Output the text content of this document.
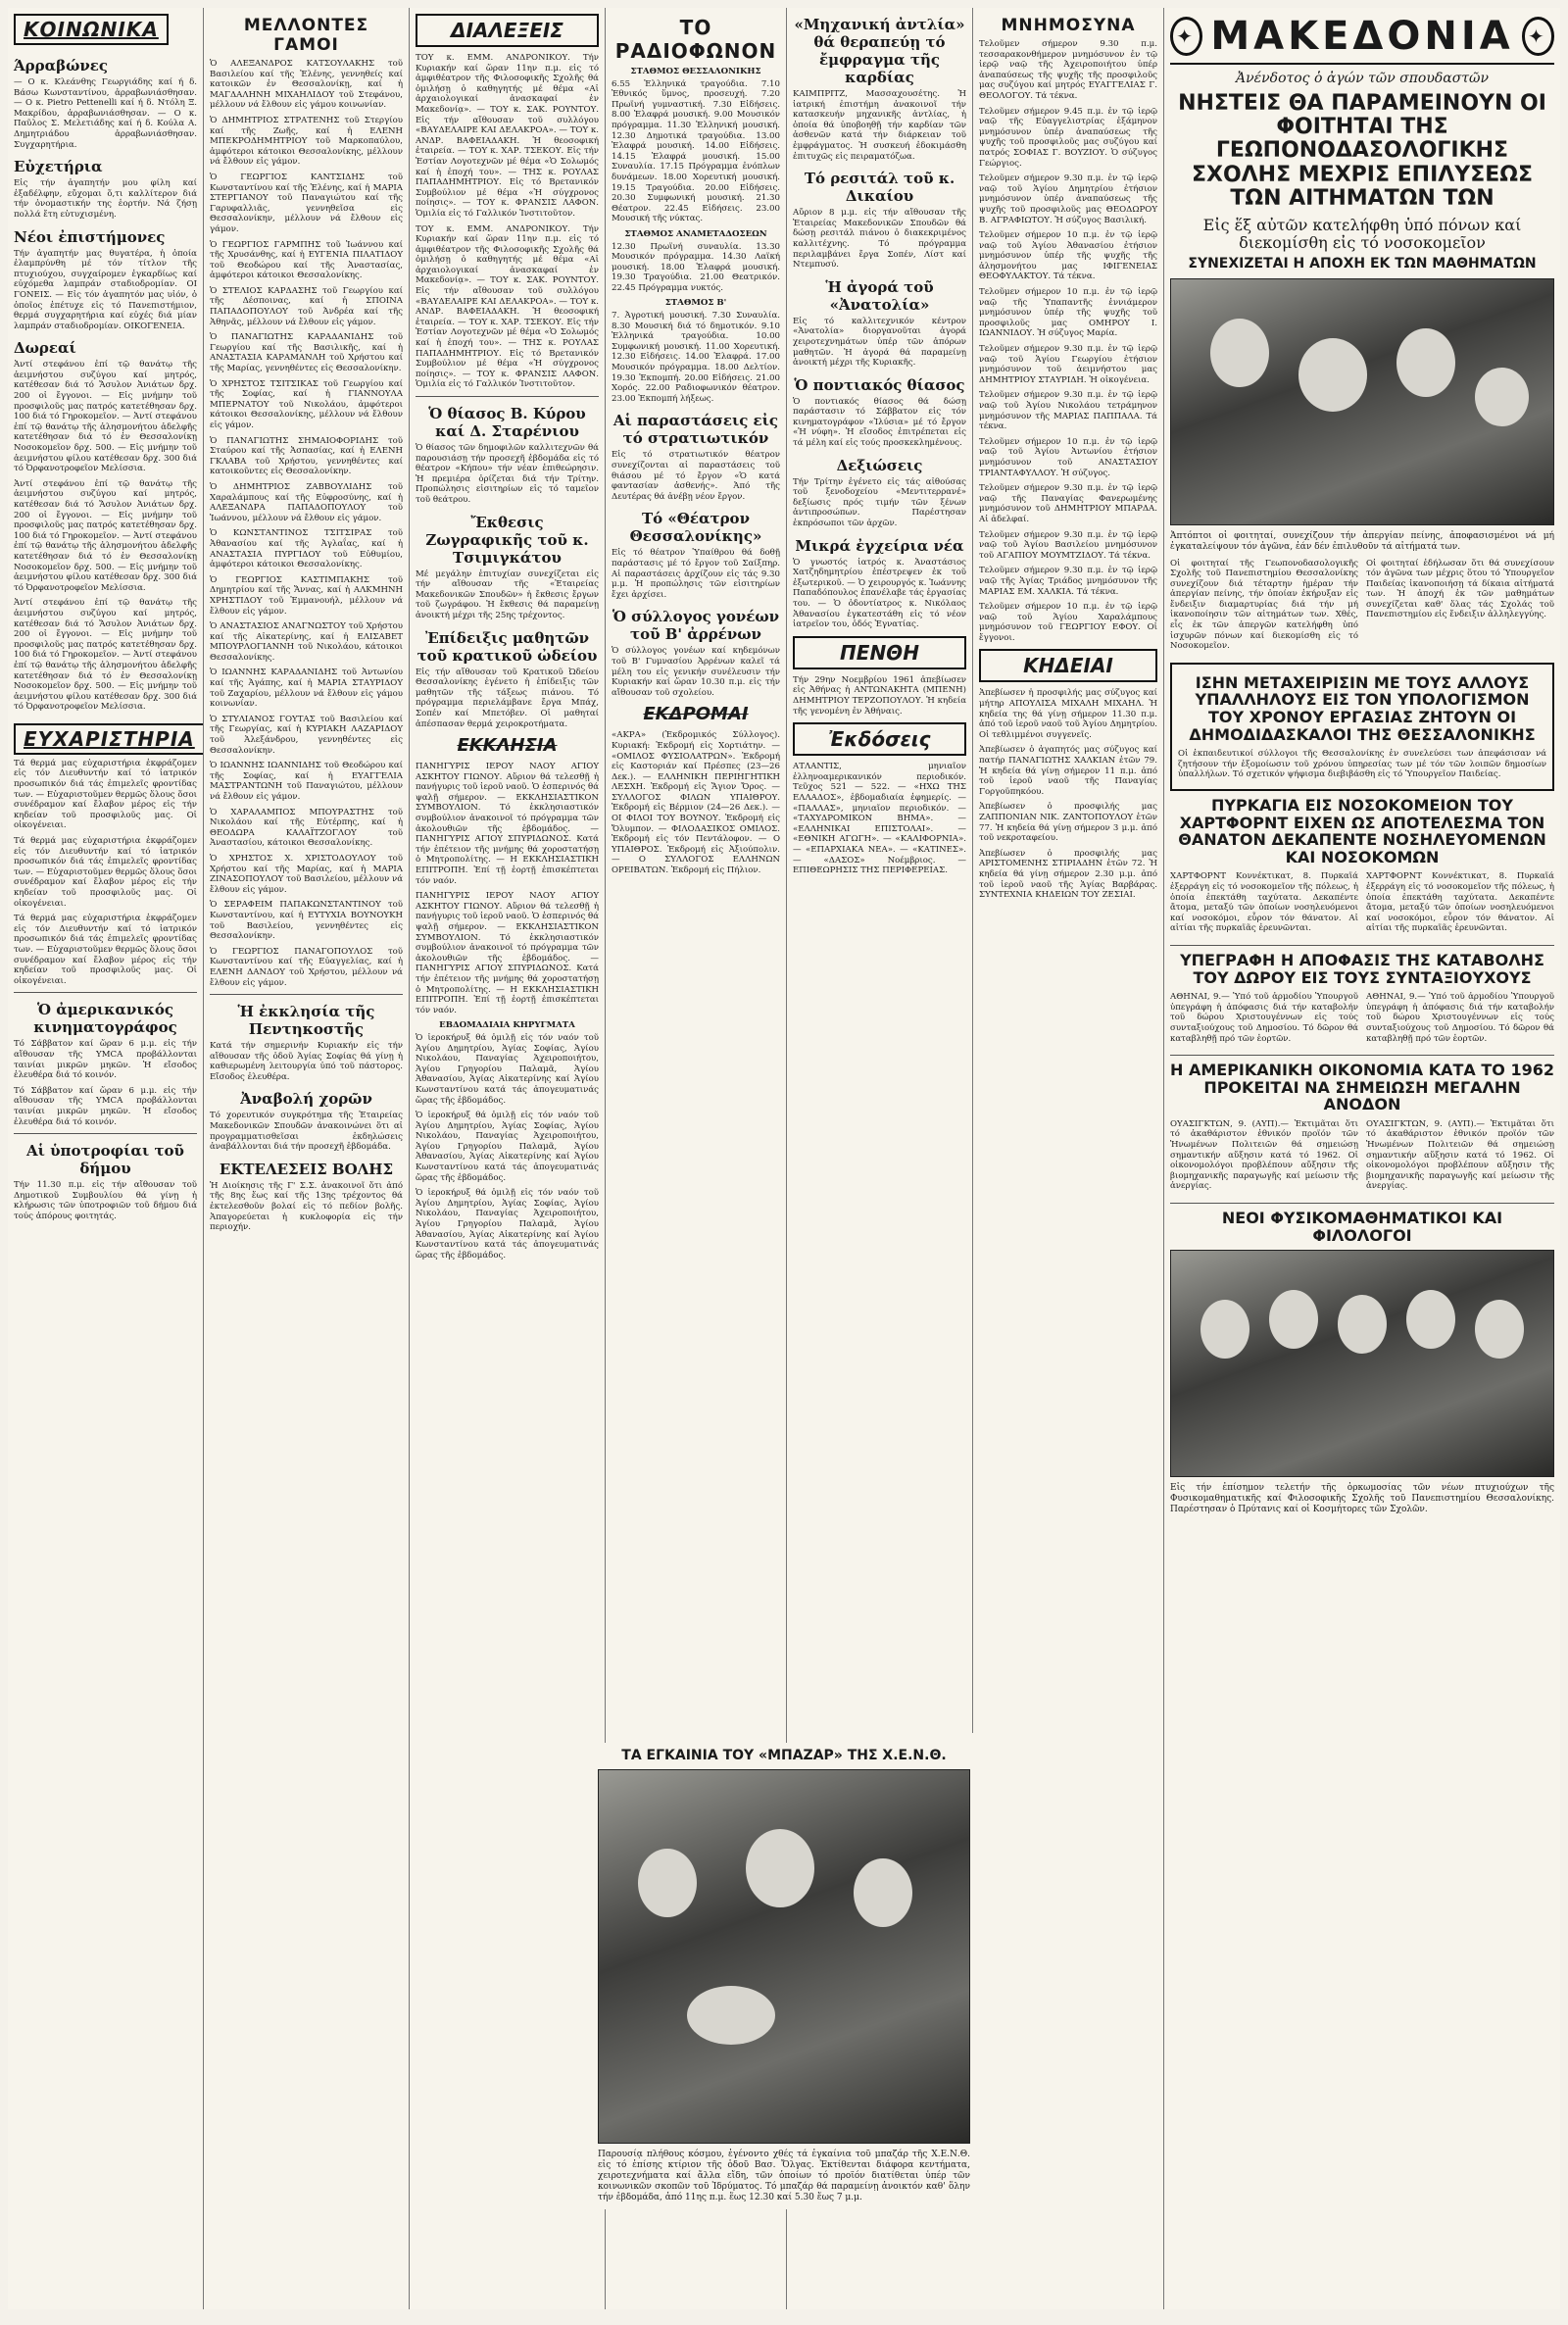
ΚΟΙΝΩΝΙΚΑ
Άρραβώνες

— Ο κ. Κλεάνθης Γεωργιάδης καί ή δ. Βάσω Κωνσταντίνου, ἀρραβωνιάσθησαν. — Ο κ. Pietro Pettenelli καί ή δ. Ντόλη Ξ. Μακρίδου, ἀρραβωνιάσθησαν. — Ο κ. Παῦλος Σ. Μελετιάδης καί ή δ. Κούλα Α. Δημητριάδου ἀρραβωνιάσθησαν. Συγχαρητήρια.

Εὐχετήρια

Εἰς τήν ἀγαπητήν μου φίλη καί ἐξαδέλφην, εὔχομαι ὅ,τι καλλίτερον διά τήν ὀνομαστικήν της ἑορτήν. Νά ζήσῃ πολλά ἔτη εὐτυχισμένη.

Νέοι ἐπιστήμονες

Τήν ἀγαπητήν μας θυγατέρα, ἡ ὁποία ἐλαμπρύνθη μέ τόν τίτλον τῆς πτυχιούχου, συγχαίρομεν ἐγκαρδίως καί εὐχόμεθα λαμπράν σταδιοδρομίαν. ΟΙ ΓΟΝΕΙΣ. — Εἰς τόν ἀγαπητόν μας υἱόν, ὁ ὁποῖος ἐπέτυχε εἰς τό Πανεπιστήμιον, θερμά συγχαρητήρια καί εὐχές διά μίαν λαμπράν σταδιοδρομίαν. ΟΙΚΟΓΕΝΕΙΑ.

Δωρεαί

Ἀντί στεφάνου ἐπί τῷ θανάτῳ τῆς ἀειμνήστου συζύγου καί μητρός, κατέθεσαν διά τό Ἄσυλον Ἀνιάτων δρχ. 200 οἱ ἔγγονοι. — Εἰς μνήμην τοῦ προσφιλοῦς μας πατρός κατετέθησαν δρχ. 100 διά τό Γηροκομεῖον. — Ἀντί στεφάνου ἐπί τῷ θανάτῳ τῆς ἀλησμονήτου ἀδελφῆς κατετέθησαν διά τό ἐν Θεσσαλονίκῃ Νοσοκομεῖον δρχ. 500. — Εἰς μνήμην τοῦ ἀειμνήστου φίλου κατέθεσαν δρχ. 300 διά τό Ὀρφανοτροφεῖον Μελίσσια.

Ἀντί στεφάνου ἐπί τῷ θανάτῳ τῆς ἀειμνήστου συζύγου καί μητρός, κατέθεσαν διά τό Ἄσυλον Ἀνιάτων δρχ. 200 οἱ ἔγγονοι. — Εἰς μνήμην τοῦ προσφιλοῦς μας πατρός κατετέθησαν δρχ. 100 διά τό Γηροκομεῖον. — Ἀντί στεφάνου ἐπί τῷ θανάτῳ τῆς ἀλησμονήτου ἀδελφῆς κατετέθησαν διά τό ἐν Θεσσαλονίκῃ Νοσοκομεῖον δρχ. 500. — Εἰς μνήμην τοῦ ἀειμνήστου φίλου κατέθεσαν δρχ. 300 διά τό Ὀρφανοτροφεῖον Μελίσσια.

Ἀντί στεφάνου ἐπί τῷ θανάτῳ τῆς ἀειμνήστου συζύγου καί μητρός, κατέθεσαν διά τό Ἄσυλον Ἀνιάτων δρχ. 200 οἱ ἔγγονοι. — Εἰς μνήμην τοῦ προσφιλοῦς μας πατρός κατετέθησαν δρχ. 100 διά τό Γηροκομεῖον. — Ἀντί στεφάνου ἐπί τῷ θανάτῳ τῆς ἀλησμονήτου ἀδελφῆς κατετέθησαν διά τό ἐν Θεσσαλονίκῃ Νοσοκομεῖον δρχ. 500. — Εἰς μνήμην τοῦ ἀειμνήστου φίλου κατέθεσαν δρχ. 300 διά τό Ὀρφανοτροφεῖον Μελίσσια.

ΕΥΧΑΡΙΣΤΗΡΙΑ

Τά θερμά μας εὐχαριστήρια ἐκφράζομεν εἰς τόν Διευθυντήν καί τό ἰατρικόν προσωπικόν διά τάς ἐπιμελεῖς φροντίδας των. — Εὐχαριστοῦμεν θερμῶς ὅλους ὅσοι συνέδραμον καί ἔλαβον μέρος εἰς τήν κηδείαν τοῦ προσφιλοῦς μας. Οἱ οἰκογένειαι.

Τά θερμά μας εὐχαριστήρια ἐκφράζομεν εἰς τόν Διευθυντήν καί τό ἰατρικόν προσωπικόν διά τάς ἐπιμελεῖς φροντίδας των. — Εὐχαριστοῦμεν θερμῶς ὅλους ὅσοι συνέδραμον καί ἔλαβον μέρος εἰς τήν κηδείαν τοῦ προσφιλοῦς μας. Οἱ οἰκογένειαι.

Τά θερμά μας εὐχαριστήρια ἐκφράζομεν εἰς τόν Διευθυντήν καί τό ἰατρικόν προσωπικόν διά τάς ἐπιμελεῖς φροντίδας των. — Εὐχαριστοῦμεν θερμῶς ὅλους ὅσοι συνέδραμον καί ἔλαβον μέρος εἰς τήν κηδείαν τοῦ προσφιλοῦς μας. Οἱ οἰκογένειαι.

Ὁ ἀμερικανικός κινηματογράφος

Τό Σάββατον καί ὥραν 6 μ.μ. εἰς τήν αἴθουσαν τῆς ΥΜCΑ προβάλλονται ταινίαι μικρῶν μηκῶν. Ἡ εἴσοδος ἐλευθέρα διά τό κοινόν.

Τό Σάββατον καί ὥραν 6 μ.μ. εἰς τήν αἴθουσαν τῆς ΥΜCΑ προβάλλονται ταινίαι μικρῶν μηκῶν. Ἡ εἴσοδος ἐλευθέρα διά τό κοινόν.

Αἱ ὑποτροφίαι τοῦ δήμου

Τήν 11.30 π.μ. εἰς τήν αἴθουσαν τοῦ Δημοτικοῦ Συμβουλίου θά γίνῃ ἡ κλήρωσις τῶν ὑποτροφιῶν τοῦ δήμου διά τούς ἀπόρους φοιτητάς.

ΜΕΛΛΟΝΤΕΣ ΓΑΜΟΙ

Ὁ ΑΛΕΞΑΝΔΡΟΣ ΚΑΤΣΟΥΛΑΚΗΣ τοῦ Βασιλείου καί τῆς Ἐλένης, γεννηθείς καί κατοικῶν ἐν Θεσσαλονίκῃ, καί ἡ ΜΑΓΔΑΛΗΝΗ ΜΙΧΑΗΛΙΔΟΥ τοῦ Στεφάνου, μέλλουν νά ἔλθουν εἰς γάμου κοινωνίαν.

Ὁ ΔΗΜΗΤΡΙΟΣ ΣΤΡΑΤΕΝΗΣ τοῦ Στεργίου καί τῆς Ζωῆς, καί ἡ ΕΛΕΝΗ ΜΠΕΚΡΟΔΗΜΗΤΡΙΟΥ τοῦ Μαρκοπαύλου, ἀμφότεροι κάτοικοι Θεσσαλονίκης, μέλλουν νά ἔλθουν εἰς γάμον.

Ὁ ΓΕΩΡΓΙΟΣ ΚΑΝΤΣΙΔΗΣ τοῦ Κωνσταντίνου καί τῆς Ἑλένης, καί ἡ ΜΑΡΙΑ ΣΤΕΡΓΙΑΝΟΥ τοῦ Παναγιώτου καί τῆς Γαρυφαλλιᾶς, γεννηθεῖσα εἰς Θεσσαλονίκην, μέλλουν νά ἔλθουν εἰς γάμον.

Ὁ ΓΕΩΡΓΙΟΣ ΓΑΡΜΠΗΣ τοῦ Ἰωάννου καί τῆς Χρυσάνθης, καί ἡ ΕΥΓΕΝΙΑ ΠΙΛΑΤΙΔΟΥ τοῦ Θεοδώρου καί τῆς Ἀναστασίας, ἀμφότεροι κάτοικοι Θεσσαλονίκης.

Ὁ ΣΤΕΛΙΟΣ ΚΑΡΔΑΣΗΣ τοῦ Γεωργίου καί τῆς Δέσποινας, καί ἡ ΣΠΟΙΝΑ ΠΑΠΑΔΟΠΟΥΛΟΥ τοῦ Ἀνδρέα καί τῆς Ἀθηνᾶς, μέλλουν νά ἔλθουν εἰς γάμον.

Ὁ ΠΑΝΑΓΙΩΤΗΣ ΚΑΡΑΔΑΝΙΔΗΣ τοῦ Γεωργίου καί τῆς Βασιλικῆς, καί ἡ ΑΝΑΣΤΑΣΙΑ ΚΑΡΑΜΑΝΛΗ τοῦ Χρήστου καί τῆς Μαρίας, γεννηθέντες εἰς Θεσσαλονίκην.

Ὁ ΧΡΗΣΤΟΣ ΤΣΙΤΣΙΚΑΣ τοῦ Γεωργίου καί τῆς Σοφίας, καί ἡ ΓΙΑΝΝΟΥΛΑ ΜΠΕΡΝΑΤΟΥ τοῦ Νικολάου, ἀμφότεροι κάτοικοι Θεσσαλονίκης, μέλλουν νά ἔλθουν εἰς γάμον.

Ὁ ΠΑΝΑΓΙΩΤΗΣ ΣΗΜΑΙΟΦΟΡΙΔΗΣ τοῦ Σταύρου καί τῆς Ἀσπασίας, καί ἡ ΕΛΕΝΗ ΓΚΛΑΒΑ τοῦ Χρήστου, γεννηθέντες καί κατοικοῦντες εἰς Θεσσαλονίκην.

Ὁ ΔΗΜΗΤΡΙΟΣ ΖΑΒΒΟΥΛΙΔΗΣ τοῦ Χαραλάμπους καί τῆς Εὐφροσύνης, καί ἡ ΑΛΕΞΑΝΔΡΑ ΠΑΠΑΔΟΠΟΥΛΟΥ τοῦ Ἰωάννου, μέλλουν νά ἔλθουν εἰς γάμον.

Ὁ ΚΩΝΣΤΑΝΤΙΝΟΣ ΤΣΙΤΣΙΡΑΣ τοῦ Ἀθανασίου καί τῆς Ἀγλαΐας, καί ἡ ΑΝΑΣΤΑΣΙΑ ΠΥΡΓΙΔΟΥ τοῦ Εὐθυμίου, ἀμφότεροι κάτοικοι Θεσσαλονίκης.

Ὁ ΓΕΩΡΓΙΟΣ ΚΑΣΤΙΜΠΑΚΗΣ τοῦ Δημητρίου καί τῆς Ἄννας, καί ἡ ΑΛΚΜΗΝΗ ΧΡΗΣΤΙΔΟΥ τοῦ Ἐμμανουήλ, μέλλουν νά ἔλθουν εἰς γάμον.

Ὁ ΑΝΑΣΤΑΣΙΟΣ ΑΝΑΓΝΩΣΤΟΥ τοῦ Χρήστου καί τῆς Αἰκατερίνης, καί ἡ ΕΛΙΣΑΒΕΤ ΜΠΟΥΡΛΟΓΙΑΝΝΗ τοῦ Νικολάου, κάτοικοι Θεσσαλονίκης.

Ὁ ΙΩΑΝΝΗΣ ΚΑΡΑΔΑΝΙΔΗΣ τοῦ Ἀντωνίου καί τῆς Ἀγάπης, καί ἡ ΜΑΡΙΑ ΣΤΑΥΡΙΔΟΥ τοῦ Ζαχαρίου, μέλλουν νά ἔλθουν εἰς γάμου κοινωνίαν.

Ὁ ΣΤΥΛΙΑΝΟΣ ΓΟΥΤΑΣ τοῦ Βασιλείου καί τῆς Γεωργίας, καί ἡ ΚΥΡΙΑΚΗ ΛΑΖΑΡΙΔΟΥ τοῦ Ἀλεξάνδρου, γεννηθέντες εἰς Θεσσαλονίκην.

Ὁ ΙΩΑΝΝΗΣ ΙΩΑΝΝΙΔΗΣ τοῦ Θεοδώρου καί τῆς Σοφίας, καί ἡ ΕΥΑΓΓΕΛΙΑ ΜΑΣΤΡΑΝΤΩΝΗ τοῦ Παναγιώτου, μέλλουν νά ἔλθουν εἰς γάμον.

Ὁ ΧΑΡΑΛΑΜΠΟΣ ΜΠΟΥΡΑΣΤΗΣ τοῦ Νικολάου καί τῆς Εὐτέρπης, καί ἡ ΘΕΟΔΩΡΑ ΚΑΛΑΪΤΖΟΓΛΟΥ τοῦ Ἀναστασίου, κάτοικοι Θεσσαλονίκης.

Ὁ ΧΡΗΣΤΟΣ Χ. ΧΡΙΣΤΟΔΟΥΛΟΥ τοῦ Χρήστου καί τῆς Μαρίας, καί ἡ ΜΑΡΙΑ ΖΙΝΑΣΟΠΟΥΛΟΥ τοῦ Βασιλείου, μέλλουν νά ἔλθουν εἰς γάμον.

Ὁ ΣΕΡΑΦΕΙΜ ΠΑΠΑΚΩΝΣΤΑΝΤΙΝΟΥ τοῦ Κωνσταντίνου, καί ἡ ΕΥΤΥΧΙΑ ΒΟΥΝΟΥΚΗ τοῦ Βασιλείου, γεννηθέντες εἰς Θεσσαλονίκην.

Ὁ ΓΕΩΡΓΙΟΣ ΠΑΝΑΓΟΠΟΥΛΟΣ τοῦ Κωνσταντίνου καί τῆς Εὐαγγελίας, καί ἡ ΕΛΕΝΗ ΔΑΝΔΟΥ τοῦ Χρήστου, μέλλουν νά ἔλθουν εἰς γάμον.

Ἡ ἐκκλησία τῆς Πεντηκοστῆς

Κατά τήν σημερινήν Κυριακήν εἰς τήν αἴθουσαν τῆς ὁδοῦ Ἀγίας Σοφίας θά γίνῃ ἡ καθιερωμένη λειτουργία ὑπό τοῦ πάστορος. Εἴσοδος ἐλευθέρα.

Ἀναβολή χορῶν

Τό χορευτικόν συγκρότημα τῆς Ἑταιρείας Μακεδονικῶν Σπουδῶν ἀνακοινώνει ὅτι αἱ προγραμματισθεῖσαι ἐκδηλώσεις ἀναβάλλονται διά τήν προσεχῆ ἑβδομάδα.

ΕΚΤΕΛΕΣΕΙΣ ΒΟΛΗΣ

Ἡ Διοίκησις τῆς Γ' Σ.Σ. ἀνακοινοῖ ὅτι ἀπό τῆς 8ης ἕως καί τῆς 13ης τρέχοντος θά ἐκτελεσθοῦν βολαί εἰς τό πεδίον βολῆς. Ἀπαγορεύεται ἡ κυκλοφορία εἰς τήν περιοχήν.

ΔΙΑΛΕΞΕΙΣ

ΤΟΥ κ. ΕΜΜ. ΑΝΔΡΟΝΙΚΟΥ. Τήν Κυριακήν καί ὥραν 11ην π.μ. εἰς τό ἀμφιθέατρον τῆς Φιλοσοφικῆς Σχολῆς θά ὁμιλήσῃ ὁ καθηγητής μέ θέμα «Αἱ ἀρχαιολογικαί ἀνασκαφαί ἐν Μακεδονίᾳ». — ΤΟΥ κ. ΣΑΚ. ΡΟΥΝΤΟΥ. Εἰς τήν αἴθουσαν τοῦ συλλόγου «ΒΑΥΔΕΛΑΙΡΕ ΚΑΙ ΔΕΛΑΚΡΟΑ». — ΤΟΥ κ. ΑΝΔΡ. ΒΑΦΕΙΑΔΑΚΗ. Ἡ θεοσοφική ἐταιρεία. — ΤΟΥ κ. ΧΑΡ. ΤΣΕΚΟΥ. Εἰς τήν Ἑστίαν Λογοτεχνῶν μέ θέμα «Ὁ Σολωμός καί ἡ ἐποχή του». — ΤΗΣ κ. ΡΟΥΛΑΣ ΠΑΠΑΔΗΜΗΤΡΙΟΥ. Εἰς τό Βρετανικόν Συμβούλιον μέ θέμα «Ἡ σύγχρονος ποίησις». — ΤΟΥ κ. ΦΡΑΝΣΙΣ ΛΑΦΟΝ. Ὁμιλία εἰς τό Γαλλικόν Ἰνστιτοῦτον.

ΤΟΥ κ. ΕΜΜ. ΑΝΔΡΟΝΙΚΟΥ. Τήν Κυριακήν καί ὥραν 11ην π.μ. εἰς τό ἀμφιθέατρον τῆς Φιλοσοφικῆς Σχολῆς θά ὁμιλήσῃ ὁ καθηγητής μέ θέμα «Αἱ ἀρχαιολογικαί ἀνασκαφαί ἐν Μακεδονίᾳ». — ΤΟΥ κ. ΣΑΚ. ΡΟΥΝΤΟΥ. Εἰς τήν αἴθουσαν τοῦ συλλόγου «ΒΑΥΔΕΛΑΙΡΕ ΚΑΙ ΔΕΛΑΚΡΟΑ». — ΤΟΥ κ. ΑΝΔΡ. ΒΑΦΕΙΑΔΑΚΗ. Ἡ θεοσοφική ἐταιρεία. — ΤΟΥ κ. ΧΑΡ. ΤΣΕΚΟΥ. Εἰς τήν Ἑστίαν Λογοτεχνῶν μέ θέμα «Ὁ Σολωμός καί ἡ ἐποχή του». — ΤΗΣ κ. ΡΟΥΛΑΣ ΠΑΠΑΔΗΜΗΤΡΙΟΥ. Εἰς τό Βρετανικόν Συμβούλιον μέ θέμα «Ἡ σύγχρονος ποίησις». — ΤΟΥ κ. ΦΡΑΝΣΙΣ ΛΑΦΟΝ. Ὁμιλία εἰς τό Γαλλικόν Ἰνστιτοῦτον.

Ὁ θίασος Β. Κύρου καί Δ. Σταρένιου

Ὁ θίασος τῶν δημοφιλῶν καλλιτεχνῶν θά παρουσιάσῃ τήν προσεχῆ ἑβδομάδα εἰς τό θέατρον «Κήπου» τήν νέαν ἐπιθεώρησιν. Ἡ πρεμιέρα ὁρίζεται διά τήν Τρίτην. Προπώλησις εἰσιτηρίων εἰς τό ταμεῖον τοῦ θεάτρου.

Ἔκθεσις Ζωγραφικῆς τοῦ κ. Τσιμιγκάτου

Μέ μεγάλην ἐπιτυχίαν συνεχίζεται εἰς τήν αἴθουσαν τῆς «Ἐταιρείας Μακεδονικῶν Σπουδῶν» ἡ ἔκθεσις ἔργων τοῦ ζωγράφου. Ἡ ἔκθεσις θά παραμείνῃ ἀνοικτή μέχρι τῆς 25ης τρέχοντος.

Ἐπίδειξις μαθητῶν τοῦ κρατικοῦ ὠδείου

Εἰς τήν αἴθουσαν τοῦ Κρατικοῦ Ὠδείου Θεσσαλονίκης ἐγένετο ἡ ἐπίδειξις τῶν μαθητῶν τῆς τάξεως πιάνου. Τό πρόγραμμα περιελάμβανε ἔργα Μπάχ, Σοπέν καί Μπετόβεν. Οἱ μαθηταί ἀπέσπασαν θερμά χειροκροτήματα.

ΕΚΚΛΗΣΙΑ

ΠΑΝΗΓΥΡΙΣ ΙΕΡΟΥ ΝΑΟΥ ΑΓΙΟΥ ΑΣΚΗΤΟΥ ΓΙΩΝΟΥ. Αὔριον θά τελεσθῇ ἡ πανήγυρις τοῦ ἱεροῦ ναοῦ. Ὁ ἑσπερινός θά ψαλῇ σήμερον. — ΕΚΚΛΗΣΙΑΣΤΙΚΟΝ ΣΥΜΒΟΥΛΙΟΝ. Τό ἐκκλησιαστικόν συμβούλιον ἀνακοινοῖ τό πρόγραμμα τῶν ἀκολουθιῶν τῆς ἑβδομάδος. — ΠΑΝΗΓΥΡΙΣ ΑΓΙΟΥ ΣΠΥΡΙΔΩΝΟΣ. Κατά τήν ἐπέτειον τῆς μνήμης θά χοροστατήσῃ ὁ Μητροπολίτης. — Η ΕΚΚΛΗΣΙΑΣΤΙΚΗ ΕΠΙΤΡΟΠΗ. Ἐπί τῇ ἑορτῇ ἐπισκέπτεται τόν ναόν.

ΠΑΝΗΓΥΡΙΣ ΙΕΡΟΥ ΝΑΟΥ ΑΓΙΟΥ ΑΣΚΗΤΟΥ ΓΙΩΝΟΥ. Αὔριον θά τελεσθῇ ἡ πανήγυρις τοῦ ἱεροῦ ναοῦ. Ὁ ἑσπερινός θά ψαλῇ σήμερον. — ΕΚΚΛΗΣΙΑΣΤΙΚΟΝ ΣΥΜΒΟΥΛΙΟΝ. Τό ἐκκλησιαστικόν συμβούλιον ἀνακοινοῖ τό πρόγραμμα τῶν ἀκολουθιῶν τῆς ἑβδομάδος. — ΠΑΝΗΓΥΡΙΣ ΑΓΙΟΥ ΣΠΥΡΙΔΩΝΟΣ. Κατά τήν ἐπέτειον τῆς μνήμης θά χοροστατήσῃ ὁ Μητροπολίτης. — Η ΕΚΚΛΗΣΙΑΣΤΙΚΗ ΕΠΙΤΡΟΠΗ. Ἐπί τῇ ἑορτῇ ἐπισκέπτεται τόν ναόν.

ΕΒΔΟΜΑΔΙΑΙΑ ΚΗΡΥΓΜΑΤΑ

Ὁ ἱεροκήρυξ θά ὁμιλῇ εἰς τόν ναόν τοῦ Ἁγίου Δημητρίου, Ἁγίας Σοφίας, Ἁγίου Νικολάου, Παναγίας Ἀχειροποιήτου, Ἁγίου Γρηγορίου Παλαμᾶ, Ἁγίου Ἀθανασίου, Ἁγίας Αἰκατερίνης καί Ἁγίου Κωνσταντίνου κατά τάς ἀπογευματινάς ὥρας τῆς ἑβδομάδος.

Ὁ ἱεροκήρυξ θά ὁμιλῇ εἰς τόν ναόν τοῦ Ἁγίου Δημητρίου, Ἁγίας Σοφίας, Ἁγίου Νικολάου, Παναγίας Ἀχειροποιήτου, Ἁγίου Γρηγορίου Παλαμᾶ, Ἁγίου Ἀθανασίου, Ἁγίας Αἰκατερίνης καί Ἁγίου Κωνσταντίνου κατά τάς ἀπογευματινάς ὥρας τῆς ἑβδομάδος.

Ὁ ἱεροκήρυξ θά ὁμιλῇ εἰς τόν ναόν τοῦ Ἁγίου Δημητρίου, Ἁγίας Σοφίας, Ἁγίου Νικολάου, Παναγίας Ἀχειροποιήτου, Ἁγίου Γρηγορίου Παλαμᾶ, Ἁγίου Ἀθανασίου, Ἁγίας Αἰκατερίνης καί Ἁγίου Κωνσταντίνου κατά τάς ἀπογευματινάς ὥρας τῆς ἑβδομάδος.

ΤΟ ΡΑΔΙΟΦΩΝΟΝ
ΣΤΑΘΜΟΣ ΘΕΣΣΑΛΟΝΙΚΗΣ

6.55 Ἑλληνικά τραγούδια. 7.10 Ἐθνικός ὕμνος, προσευχή. 7.20 Πρωϊνή γυμναστική. 7.30 Εἰδήσεις. 8.00 Ἑλαφρά μουσική. 9.00 Μουσικόν πρόγραμμα. 11.30 Ἐλληνική μουσική. 12.30 Δημοτικά τραγούδια. 13.00 Ἐλαφρά μουσική. 14.00 Εἰδήσεις. 14.15 Ἐλαφρά μουσική. 15.00 Συναυλία. 17.15 Πρόγραμμα ἐνόπλων δυνάμεων. 18.00 Χορευτική μουσική. 19.15 Τραγούδια. 20.00 Εἰδήσεις. 20.30 Συμφωνική μουσική. 21.30 Θέατρον. 22.45 Εἰδήσεις. 23.00 Μουσική τῆς νύκτας.

ΣΤΑΘΜΟΣ ΑΝΑΜΕΤΑΔΟΣΕΩΝ

12.30 Πρωϊνή συναυλία. 13.30 Μουσικόν πρόγραμμα. 14.30 Λαϊκή μουσική. 18.00 Ἑλαφρά μουσική. 19.30 Τραγούδια. 21.00 Θεατρικόν. 22.45 Πρόγραμμα νυκτός.

ΣΤΑΘΜΟΣ Β'

7. Ἀγροτική μουσική. 7.30 Συναυλία. 8.30 Μουσική διά τό δημοτικόν. 9.10 Ἑλληνικά τραγούδια. 10.00 Συμφωνική μουσική. 11.00 Χορευτική. 12.30 Εἰδήσεις. 14.00 Ἐλαφρά. 17.00 Μουσικόν πρόγραμμα. 18.00 Δελτίον. 19.30 Ἐκπομπή. 20.00 Εἰδήσεις. 21.00 Χορός. 22.00 Ραδιοφωνικόν θέατρον. 23.00 Ἐκπομπή λήξεως.

Αἱ παραστάσεις εἰς τό στρατιωτικόν

Εἰς τό στρατιωτικόν θέατρον συνεχίζονται αἱ παραστάσεις τοῦ θιάσου μέ τό ἔργον «Ὁ κατά φαντασίαν ἀσθενής». Ἀπό τῆς Δευτέρας θά ἀνέβῃ νέον ἔργον.

Τό «Θέατρον Θεσσαλονίκης»

Εἰς τό θέατρον Ὑπαίθρου θά δοθῇ παράστασις μέ τό ἔργον τοῦ Σαίξπηρ. Αἱ παραστάσεις ἀρχίζουν εἰς τάς 9.30 μ.μ. Ἡ προπώλησις τῶν εἰσιτηρίων ἔχει ἀρχίσει.

Ὁ σύλλογος γονέων τοῦ Β' ἀρρένων

Ὁ σύλλογος γονέων καί κηδεμόνων τοῦ Β' Γυμνασίου Ἀρρένων καλεῖ τά μέλη του εἰς γενικήν συνέλευσιν τήν Κυριακήν καί ὥραν 10.30 π.μ. εἰς τήν αἴθουσαν τοῦ σχολείου.

ΕΚΔΡΟΜΑΙ

«ΑΚΡΑ» (Ἐκδρομικός Σύλλογος). Κυριακή: Ἐκδρομή εἰς Χορτιάτην. — «ΟΜΙΛΟΣ ΦΥΣΙΟΛΑΤΡΩΝ». Ἐκδρομή εἰς Καστοριάν καί Πρέσπες (23—26 Δεκ.). — ΕΛΛΗΝΙΚΗ ΠΕΡΙΗΓΗΤΙΚΗ ΛΕΣΧΗ. Ἐκδρομή εἰς Ἅγιον Ὄρος. — ΣΥΛΛΟΓΟΣ ΦΙΛΩΝ ΥΠΑΙΘΡΟΥ. Ἐκδρομή εἰς Βέρμιον (24—26 Δεκ.). — ΟΙ ΦΙΛΟΙ ΤΟΥ ΒΟΥΝΟΥ. Ἐκδρομή εἰς Ὄλυμπον. — ΦΙΛΟΔΑΣΙΚΟΣ ΟΜΙΛΟΣ. Ἐκδρομή εἰς τόν Πεντάλοφον. — Ο ΥΠΑΙΘΡΟΣ. Ἐκδρομή εἰς Ἀξιούπολιν. — Ο ΣΥΛΛΟΓΟΣ ΕΛΛΗΝΩΝ ΟΡΕΙΒΑΤΩΝ. Ἐκδρομή εἰς Πήλιον.

«Μηχανική ἀντλία» θά θεραπεύῃ τό ἔμφραγμα τῆς καρδίας

ΚΑΙΜΠΡΙΤΖ, Μασσαχουσέτης. Ἡ ἰατρική ἐπιστήμη ἀνακοινοῖ τήν κατασκευήν μηχανικῆς ἀντλίας, ἡ ὁποία θά ὑποβοηθῇ τήν καρδίαν τῶν ἀσθενῶν κατά τήν διάρκειαν τοῦ ἐμφράγματος. Ἡ συσκευή ἐδοκιμάσθη ἐπιτυχῶς εἰς πειραματόζωα.

Τό ρεσιτάλ τοῦ κ. Δικαίου

Αὔριον 8 μ.μ. εἰς τήν αἴθουσαν τῆς Ἑταιρείας Μακεδονικῶν Σπουδῶν θά δώσῃ ρεσιτάλ πιάνου ὁ διακεκριμένος καλλιτέχνης. Τό πρόγραμμα περιλαμβάνει ἔργα Σοπέν, Λίστ καί Ντεμπυσύ.

Ἡ ἀγορά τοῦ «Ἀνατολία»

Εἰς τό καλλιτεχνικόν κέντρον «Ἀνατολία» διοργανοῦται ἀγορά χειροτεχνημάτων ὑπέρ τῶν ἀπόρων μαθητῶν. Ἡ ἀγορά θά παραμείνῃ ἀνοικτή μέχρι τῆς Κυριακῆς.

Ὁ ποντιακός θίασος

Ὁ ποντιακός θίασος θά δώσῃ παράστασιν τό Σάββατον εἰς τόν κινηματογράφον «Ἰλύσια» μέ τό ἔργον «Ἡ νύφη». Ἡ εἴσοδος ἐπιτρέπεται εἰς τά μέλη καί εἰς τούς προσκεκλημένους.

Δεξιώσεις

Τήν Τρίτην ἐγένετο εἰς τάς αἰθούσας τοῦ ξενοδοχείου «Μεντιτερρανέ» δεξίωσις πρός τιμήν τῶν ξένων ἀντιπροσώπων. Παρέστησαν ἐκπρόσωποι τῶν ἀρχῶν.

Μικρά ἐγχείρια νέα

Ὁ γνωστός ἰατρός κ. Ἀναστάσιος Χατζηδημητρίου ἐπέστρεψεν ἐκ τοῦ ἐξωτερικοῦ. — Ὁ χειρουργός κ. Ἰωάννης Παπαδόπουλος ἐπανέλαβε τάς ἐργασίας του. — Ὁ ὀδοντίατρος κ. Νικόλαος Ἀθανασίου ἐγκατεστάθη εἰς τό νέον ἰατρεῖον του, ὁδός Ἐγνατίας.

ΠΕΝΘΗ

Τήν 29ην Νοεμβρίου 1961 ἀπεβίωσεν εἰς Ἀθήνας ἡ ΑΝΤΩΝΑΚΗΤΑ (ΜΠΕΝΗ) ΔΗΜΗΤΡΙΟΥ ΤΕΡΖΟΠΟΥΛΟΥ. Ἡ κηδεία τῆς γενομένη ἐν Ἀθήναις.

Ἐκδόσεις

ΑΤΛΑΝΤΙΣ, μηνιαῖον ἐλληνοαμερικανικόν περιοδικόν. Τεῦχος 521 — 522. — «ΗΧΩ ΤΗΣ ΕΛΛΑΔΟΣ», ἑβδομαδιαία ἐφημερίς. — «ΠΑΛΛΑΣ», μηνιαῖον περιοδικόν. — «ΤΑΧΥΔΡΟΜΙΚΟΝ ΒΗΜΑ». — «ΕΛΛΗΝΙΚΑΙ ΕΠΙΣΤΟΛΑΙ». — «ΕΘΝΙΚΗ ΑΓΩΓΗ». — «ΚΑΛΙΦΟΡΝΙΑ». — «ΕΠΑΡΧΙΑΚΑ ΝΕΑ». — «ΚΑΤΙΝΕΣ». — «ΔΑΣΟΣ» Νοέμβριος. — ΕΠΙΘΕΩΡΗΣΙΣ ΤΗΣ ΠΕΡΙΦΕΡΕΙΑΣ.

ΤΑ ΕΓΚΑΙΝΙΑ ΤΟΥ «ΜΠΑΖΑΡ» ΤΗΣ Χ.Ε.Ν.Θ.

Παρουσίᾳ πλήθους κόσμου, ἐγένοντο χθές τά ἐγκαίνια τοῦ μπαζάρ τῆς Χ.Ε.Ν.Θ. εἰς τό ἐπίσης κτίριον τῆς ὁδοῦ Βασ. Ὄλγας. Ἐκτίθενται διάφορα κεντήματα, χειροτεχνήματα καί ἄλλα εἴδη, τῶν ὁποίων τό προϊόν διατίθεται ὑπέρ τῶν κοινωνικῶν σκοπῶν τοῦ Ἱδρύματος. Τό μπαζάρ θά παραμείνῃ ἀνοικτόν καθ' ὅλην τήν ἑβδομάδα, ἀπό 11ης π.μ. ἕως 12.30 καί 5.30 ἕως 7 μ.μ.

ΜΝΗΜΟΣΥΝΑ

Τελοῦμεν σήμερον 9.30 π.μ. τεσσαρακονθήμερον μνημόσυνον ἐν τῷ ἱερῷ ναῷ τῆς Ἀχειροποιήτου ὑπέρ ἀναπαύσεως τῆς ψυχῆς τῆς προσφιλοῦς μας συζύγου καί μητρός ΕΥΑΓΓΕΛΙΑΣ Γ. ΘΕΟΛΟΓΟΥ. Τά τέκνα.

Τελοῦμεν σήμερον 9.45 π.μ. ἐν τῷ ἱερῷ ναῷ τῆς Εὐαγγελιστρίας ἐξάμηνον μνημόσυνον ὑπέρ ἀναπαύσεως τῆς ψυχῆς τοῦ προσφιλοῦς μας συζύγου καί πατρός ΣΟΦΙΑΣ Γ. ΒΟΥΖΙΟΥ. Ὁ σύζυγος Γεώργιος.

Τελοῦμεν σήμερον 9.30 π.μ. ἐν τῷ ἱερῷ ναῷ τοῦ Ἁγίου Δημητρίου ἐτήσιον μνημόσυνον ὑπέρ ἀναπαύσεως τῆς ψυχῆς τοῦ προσφιλοῦς μας ΘΕΟΔΩΡΟΥ Β. ΑΓΡΑΦΙΩΤΟΥ. Ἡ σύζυγος Βασιλική.

Τελοῦμεν σήμερον 10 π.μ. ἐν τῷ ἱερῷ ναῷ τοῦ Ἁγίου Ἀθανασίου ἐτήσιον μνημόσυνον ὑπέρ τῆς ψυχῆς τῆς ἀλησμονήτου μας ΙΦΙΓΕΝΕΙΑΣ ΘΕΟΦΥΛΑΚΤΟΥ. Τά τέκνα.

Τελοῦμεν σήμερον 10 π.μ. ἐν τῷ ἱερῷ ναῷ τῆς Ὑπαπαντῆς ἐννιάμερον μνημόσυνον ὑπέρ τῆς ψυχῆς τοῦ προσφιλοῦς μας ΟΜΗΡΟΥ Ι. ΙΩΑΝΝΙΔΟΥ. Ἡ σύζυγος Μαρία.

Τελοῦμεν σήμερον 9.30 π.μ. ἐν τῷ ἱερῷ ναῷ τοῦ Ἁγίου Γεωργίου ἐτήσιον μνημόσυνον τοῦ ἀειμνήστου μας ΔΗΜΗΤΡΙΟΥ ΣΤΑΥΡΙΔΗ. Ἡ οἰκογένεια.

Τελοῦμεν σήμερον 9.30 π.μ. ἐν τῷ ἱερῷ ναῷ τοῦ Ἁγίου Νικολάου τετράμηνον μνημόσυνον τῆς ΜΑΡΙΑΣ ΠΑΠΠΑΛΑ. Τά τέκνα.

Τελοῦμεν σήμερον 10 π.μ. ἐν τῷ ἱερῷ ναῷ τοῦ Ἁγίου Ἀντωνίου ἐτήσιον μνημόσυνον τοῦ ΑΝΑΣΤΑΣΙΟΥ ΤΡΙΑΝΤΑΦΥΛΛΟΥ. Ἡ σύζυγος.

Τελοῦμεν σήμερον 9.30 π.μ. ἐν τῷ ἱερῷ ναῷ τῆς Παναγίας Φανερωμένης μνημόσυνον τοῦ ΔΗΜΗΤΡΙΟΥ ΜΠΑΡΔΑ. Αἱ ἀδελφαί.

Τελοῦμεν σήμερον 9.30 π.μ. ἐν τῷ ἱερῷ ναῷ τοῦ Ἁγίου Βασιλείου μνημόσυνον τοῦ ΑΓΑΠΙΟΥ ΜΟΥΜΤΖΙΔΟΥ. Τά τέκνα.

Τελοῦμεν σήμερον 9.30 π.μ. ἐν τῷ ἱερῷ ναῷ τῆς Ἁγίας Τριάδος μνημόσυνον τῆς ΜΑΡΙΑΣ ΕΜ. ΧΑΛΚΙΑ. Τά τέκνα.

Τελοῦμεν σήμερον 10 π.μ. ἐν τῷ ἱερῷ ναῷ τοῦ Ἁγίου Χαραλάμπους μνημόσυνον τοῦ ΓΕΩΡΓΙΟΥ ΕΦΟΥ. Οἱ ἔγγονοι.

ΚΗΔΕΙΑΙ

Ἀπεβίωσεν ἡ προσφιλής μας σύζυγος καί μήτηρ ΑΠΟΥΛΙΣΑ ΜΙΧΑΛΗ ΜΙΧΑΗΛ. Ἡ κηδεία της θά γίνῃ σήμερον 11.30 π.μ. ἀπό τοῦ ἱεροῦ ναοῦ τοῦ Ἁγίου Δημητρίου. Οἱ τεθλιμμένοι συγγενεῖς.

Ἀπεβίωσεν ὁ ἀγαπητός μας σύζυγος καί πατήρ ΠΑΝΑΓΙΩΤΗΣ ΧΑΛΚΙΑΝ ἐτῶν 79. Ἡ κηδεία θά γίνῃ σήμερον 11 π.μ. ἀπό τοῦ ἱεροῦ ναοῦ τῆς Παναγίας Γοργοϋπηκόου.

Ἀπεβίωσεν ὁ προσφιλής μας ΖΑΠΠΟΝΙΑΝ ΝΙΚ. ΖΑΝΤΟΠΟΥΛΟΥ ἐτῶν 77. Ἡ κηδεία θά γίνῃ σήμερον 3 μ.μ. ἀπό τοῦ νεκροταφείου.

Ἀπεβίωσεν ὁ προσφιλής μας ΑΡΙΣΤΟΜΕΝΗΣ ΣΤΙΡΙΑΔΗΝ ἐτῶν 72. Ἡ κηδεία θά γίνῃ σήμερον 2.30 μ.μ. ἀπό τοῦ ἱεροῦ ναοῦ τῆς Ἁγίας Βαρβάρας. ΣΥΝΤΕΧΝΙΑ ΚΗΔΕΙΩΝ ΤΟΥ ΖΕΣΙΑΙ.

✦ ΜΑΚΕΔΟΝΙΑ ✦
Ἀνένδοτος ὁ ἀγών τῶν σπουδαστῶν
ΝΗΣΤΕΙΣ ΘΑ ΠΑΡΑΜΕΙΝΟΥΝ ΟΙ ΦΟΙΤΗΤΑΙ ΤΗΣ ΓΕΩΠΟΝΟΔΑΣΟΛΟΓΙΚΗΣ ΣΧΟΛΗΣ ΜΕΧΡΙΣ ΕΠΙΛΥΣΕΩΣ ΤΩΝ ΑΙΤΗΜΑΤΩΝ ΤΩΝ
Εἰς ἕξ αὐτῶν κατελήφθη ὑπό πόνων καί διεκομίσθη εἰς τό νοσοκομεῖον
ΣΥΝΕΧΙΖΕΤΑΙ Η ΑΠΟΧΗ ΕΚ ΤΩΝ ΜΑΘΗΜΑΤΩΝ

Ἀπτόπτοι οἱ φοιτηταί, συνεχίζουν τήν ἀπεργίαν πείνης, ἀποφασισμένοι νά μή ἐγκαταλείψουν τόν ἀγῶνα, ἐάν δέν ἐπιλυθοῦν τά αἰτήματά των.

Οἱ φοιτηταί τῆς Γεωπονοδασολογικῆς Σχολῆς τοῦ Πανεπιστημίου Θεσσαλονίκης συνεχίζουν διά τέταρτην ἡμέραν τήν ἀπεργίαν πείνης, τήν ὁποίαν ἐκήρυξαν εἰς ἔνδειξιν διαμαρτυρίας διά τήν μή ἱκανοποίησιν τῶν αἰτημάτων των. Χθές, εἷς ἐκ τῶν ἀπεργῶν κατελήφθη ὑπό ἰσχυρῶν πόνων καί διεκομίσθη εἰς τό Νοσοκομεῖον.

Οἱ φοιτηταί ἐδήλωσαν ὅτι θά συνεχίσουν τόν ἀγῶνα των μέχρις ὅτου τό Ὑπουργεῖον Παιδείας ἱκανοποιήσῃ τά δίκαια αἰτήματά των. Ἡ ἀποχή ἐκ τῶν μαθημάτων συνεχίζεται καθ' ὅλας τάς Σχολάς τοῦ Πανεπιστημίου εἰς ἔνδειξιν ἀλληλεγγύης.

ΙΣΗΝ ΜΕΤΑΧΕΙΡΙΣΙΝ ΜΕ ΤΟΥΣ ΑΛΛΟΥΣ ΥΠΑΛΛΗΛΟΥΣ ΕΙΣ ΤΟΝ ΥΠΟΛΟΓΙΣΜΟΝ ΤΟΥ ΧΡΟΝΟΥ ΕΡΓΑΣΙΑΣ ΖΗΤΟΥΝ ΟΙ ΔΗΜΟΔΙΔΑΣΚΑΛΟΙ ΤΗΣ ΘΕΣΣΑΛΟΝΙΚΗΣ

Οἱ ἐκπαιδευτικοί σύλλογοι τῆς Θεσσαλονίκης ἐν συνελεύσει των ἀπεφάσισαν νά ζητήσουν τήν ἐξομοίωσιν τοῦ χρόνου ὑπηρεσίας των μέ τόν τῶν λοιπῶν δημοσίων ὑπαλλήλων. Τό σχετικόν ψήφισμα διεβιβάσθη εἰς τό Ὑπουργεῖον Παιδείας.

ΠΥΡΚΑΓΙΑ ΕΙΣ ΝΟΣΟΚΟΜΕΙΟΝ ΤΟΥ ΧΑΡΤΦΟΡΝΤ ΕΙΧΕΝ ΩΣ ΑΠΟΤΕΛΕΣΜΑ ΤΟΝ ΘΑΝΑΤΟΝ ΔΕΚΑΠΕΝΤΕ ΝΟΣΗΛΕΥΟΜΕΝΩΝ ΚΑΙ ΝΟΣΟΚΟΜΩΝ

ΧΑΡΤΦΟΡΝΤ Κοννέκτικατ, 8. Πυρκαϊά ἐξερράγη εἰς τό νοσοκομεῖον τῆς πόλεως, ἡ ὁποία ἐπεκτάθη ταχύτατα. Δεκαπέντε ἄτομα, μεταξύ τῶν ὁποίων νοσηλευόμενοι καί νοσοκόμοι, εὗρον τόν θάνατον. Αἱ αἰτίαι τῆς πυρκαϊᾶς ἐρευνῶνται.

ΧΑΡΤΦΟΡΝΤ Κοννέκτικατ, 8. Πυρκαϊά ἐξερράγη εἰς τό νοσοκομεῖον τῆς πόλεως, ἡ ὁποία ἐπεκτάθη ταχύτατα. Δεκαπέντε ἄτομα, μεταξύ τῶν ὁποίων νοσηλευόμενοι καί νοσοκόμοι, εὗρον τόν θάνατον. Αἱ αἰτίαι τῆς πυρκαϊᾶς ἐρευνῶνται.

ΥΠΕΓΡΑΦΗ Η ΑΠΟΦΑΣΙΣ ΤΗΣ ΚΑΤΑΒΟΛΗΣ ΤΟΥ ΔΩΡΟΥ ΕΙΣ ΤΟΥΣ ΣΥΝΤΑΞΙΟΥΧΟΥΣ

ΑΘΗΝΑΙ, 9.— Ὑπό τοῦ ἁρμοδίου Ὑπουργοῦ ὑπεγράφη ἡ ἀπόφασις διά τήν καταβολήν τοῦ δώρου Χριστουγέννων εἰς τούς συνταξιούχους τοῦ Δημοσίου. Τό δῶρον θά καταβληθῇ πρό τῶν ἑορτῶν.

ΑΘΗΝΑΙ, 9.— Ὑπό τοῦ ἁρμοδίου Ὑπουργοῦ ὑπεγράφη ἡ ἀπόφασις διά τήν καταβολήν τοῦ δώρου Χριστουγέννων εἰς τούς συνταξιούχους τοῦ Δημοσίου. Τό δῶρον θά καταβληθῇ πρό τῶν ἑορτῶν.

Η ΑΜΕΡΙΚΑΝΙΚΗ ΟΙΚΟΝΟΜΙΑ ΚΑΤΑ ΤΟ 1962 ΠΡΟΚΕΙΤΑΙ ΝΑ ΣΗΜΕΙΩΣΗ ΜΕΓΑΛΗΝ ΑΝΟΔΟΝ

ΟΥΑΣΙΓΚΤΩΝ, 9. (ΑΥΠ).— Ἐκτιμᾶται ὅτι τό ἀκαθάριστον ἐθνικόν προϊόν τῶν Ἡνωμένων Πολιτειῶν θά σημειώσῃ σημαντικήν αὔξησιν κατά τό 1962. Οἱ οἰκονομολόγοι προβλέπουν αὔξησιν τῆς βιομηχανικῆς παραγωγῆς καί μείωσιν τῆς ἀνεργίας.

ΟΥΑΣΙΓΚΤΩΝ, 9. (ΑΥΠ).— Ἐκτιμᾶται ὅτι τό ἀκαθάριστον ἐθνικόν προϊόν τῶν Ἡνωμένων Πολιτειῶν θά σημειώσῃ σημαντικήν αὔξησιν κατά τό 1962. Οἱ οἰκονομολόγοι προβλέπουν αὔξησιν τῆς βιομηχανικῆς παραγωγῆς καί μείωσιν τῆς ἀνεργίας.

ΝΕΟΙ ΦΥΣΙΚΟΜΑΘΗΜΑΤΙΚΟΙ ΚΑΙ ΦΙΛΟΛΟΓΟΙ

Εἰς τήν ἐπίσημον τελετήν τῆς ὁρκωμοσίας τῶν νέων πτυχιούχων τῆς Φυσικομαθηματικῆς καί Φιλοσοφικῆς Σχολῆς τοῦ Πανεπιστημίου Θεσσαλονίκης. Παρέστησαν ὁ Πρύτανις καί οἱ Κοσμήτορες τῶν Σχολῶν.
